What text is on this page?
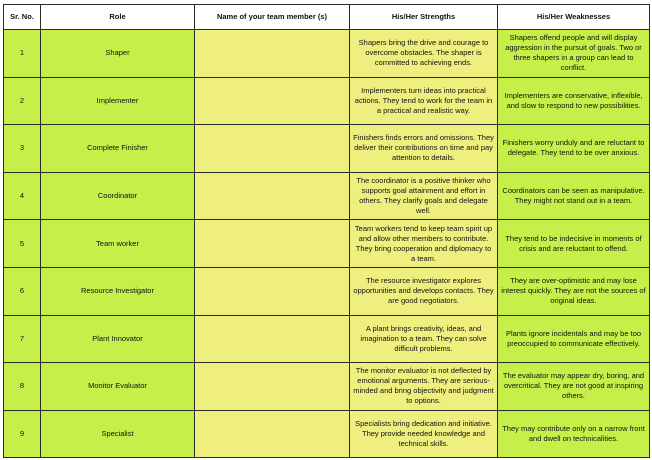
Sr. No.	Role	Name of your team member (s)	His/Her Strengths	His/Her Weaknesses
1	Shaper		Shapers bring the drive and courage to overcome obstacles. The shaper is committed to achieving ends.	Shapers offend people and will display aggression in the pursuit of goals. Two or three shapers in a group can lead to conflict.
2	Implementer		Implementers turn ideas into practical actions. They tend to work for the team in a practical and realistic way.	Implementers are conservative, inflexible, and slow to respond to new possibilities.
3	Complete Finisher		Finishers finds errors and omissions. They deliver their contributions on time and pay attention to details.	Finishers worry unduly and are reluctant to delegate. They tend to be over anxious.
4	Coordinator		The coordinator is a positive thinker who supports goal attainment and effort in others. They clarify goals and delegate well.	Coordinators can be seen as manipulative. They might not stand out in a team.
5	Team worker		Team workers tend to keep team spirit up and allow other members to contribute. They bring cooperation and diplomacy to a team.	They tend to be indecisive in moments of crisis and are reluctant to offend.
6	Resource Investigator		The resource investigator explores opportunities and develops contacts. They are good negotiators.	They are over-optimistic and may lose interest quickly. They are not the sources of original ideas.
7	Plant Innovator		A plant brings creativity, ideas, and imagination to a team. They can solve difficult problems.	Plants ignore incidentals and may be too preoccupied to communicate effectively.
8	Monitor Evaluator		The monitor evaluator is not deflected by emotional arguments. They are serious-minded and bring objectivity and judgment to options.	The evaluator may appear dry, boring, and overcritical. They are not good at inspiring others.
9	Specialist		Specialists bring dedication and initiative. They provide needed knowledge and technical skills.	They may contribute only on a narrow front and dwell on technicalities.
